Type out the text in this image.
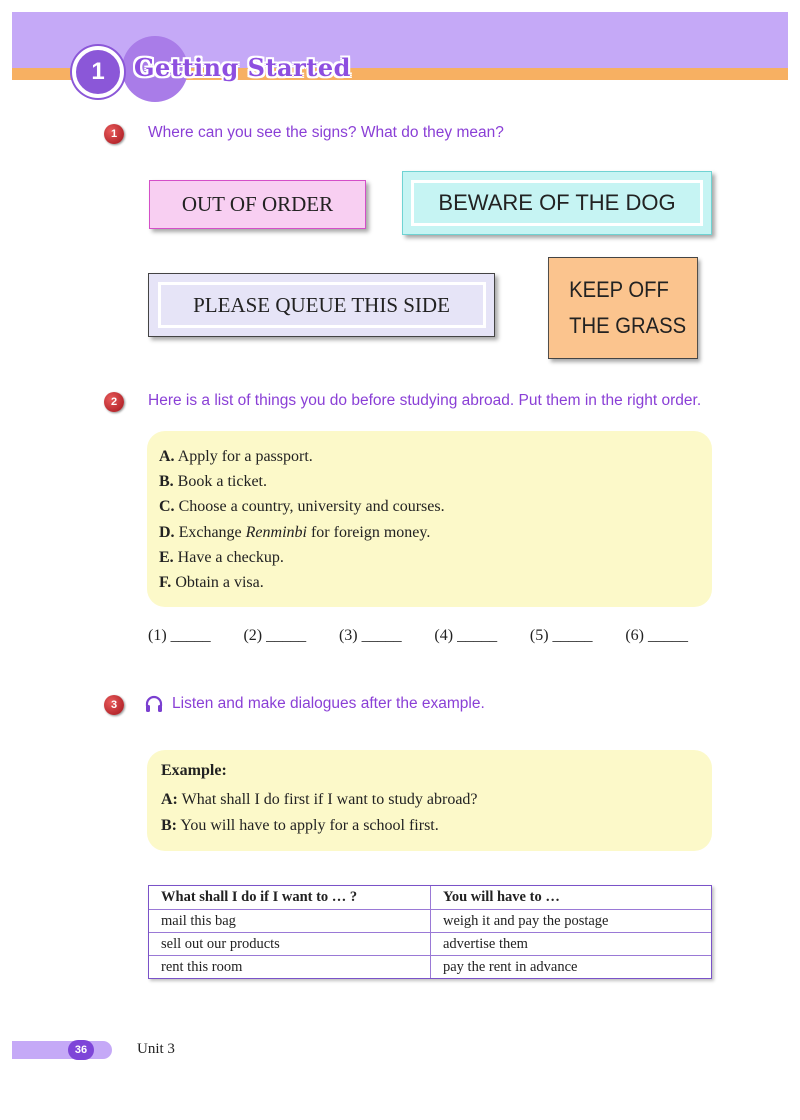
1	Getting Started
1	Where can you see the signs? What do they mean?
OUT OF ORDER	BEWARE OF THE DOG
PLEASE QUEUE THIS SIDE
KEEP OFF
THE GRASS
2	Here is a list of things you do before studying abroad. Put them in the right order.
A. Apply for a passport.
B. Book a ticket.
C. Choose a country, university and courses.
D. Exchange Renminbi for foreign money.
E. Have a checkup.
F. Obtain a visa.
(1) _____ (2) _____ (3) _____ (4) _____ (5) _____ (6) _____
3	Listen and make dialogues after the example.
Example:
A: What shall I do first if I want to study abroad?
B: You will have to apply for a school first.
What shall I do if I want to … ?	You will have to …
mail this bag	weigh it and pay the postage
sell out our products	advertise them
rent this room	pay the rent in advance
36	Unit 3
